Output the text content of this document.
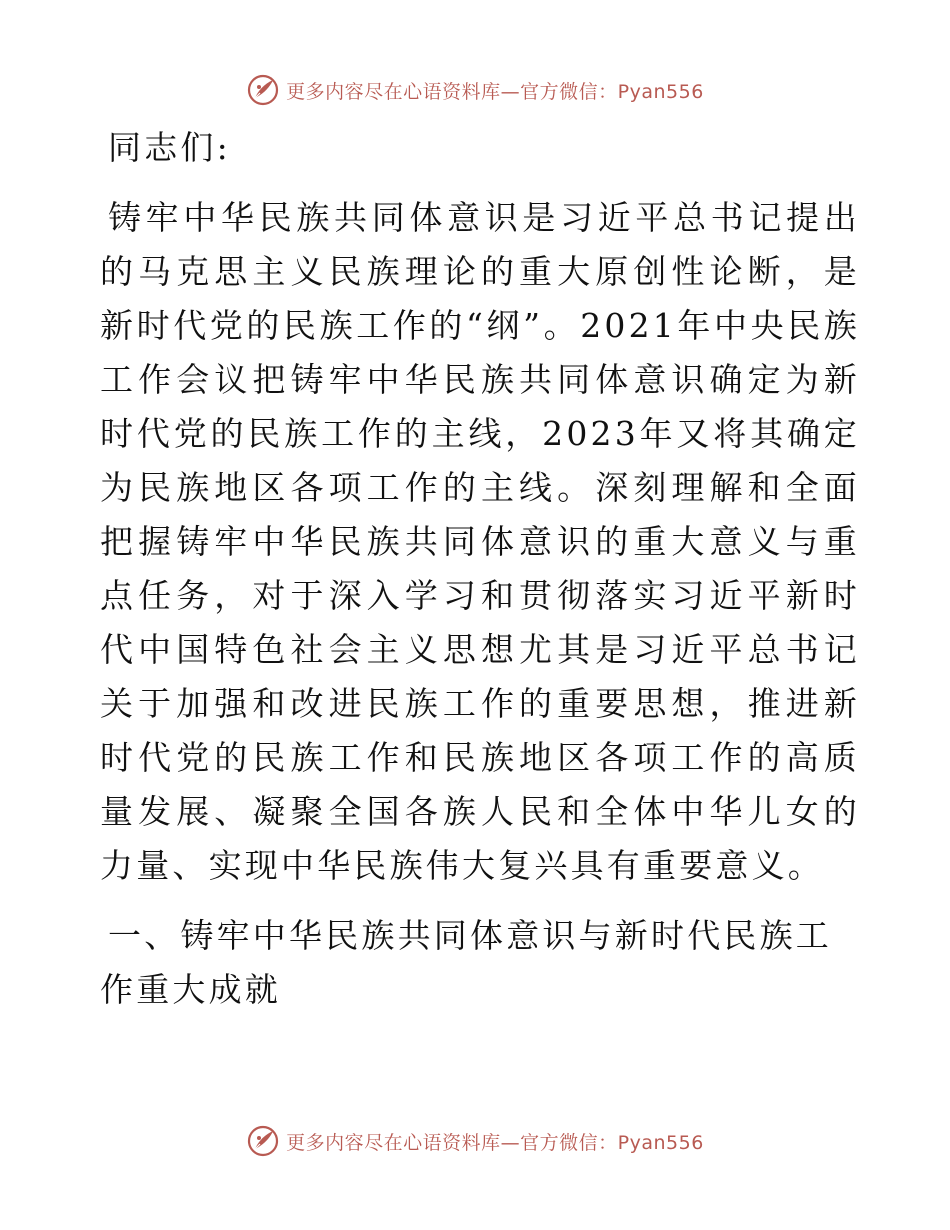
更多内容尽在心语资料库—官方微信：Pyan556

同志们:

铸牢中华民族共同体意识是习近平总书记提出的马克思主义民族理论的重大原创性论断，是新时代党的民族工作的“纲”。2021年中央民族工作会议把铸牢中华民族共同体意识确定为新时代党的民族工作的主线，2023年又将其确定为民族地区各项工作的主线。深刻理解和全面把握铸牢中华民族共同体意识的重大意义与重点任务，对于深入学习和贯彻落实习近平新时代中国特色社会主义思想尤其是习近平总书记关于加强和改进民族工作的重要思想，推进新时代党的民族工作和民族地区各项工作的高质量发展、凝聚全国各族人民和全体中华儿女的力量、实现中华民族伟大复兴具有重要意义。

一、铸牢中华民族共同体意识与新时代民族工作重大成就

更多内容尽在心语资料库—官方微信：Pyan556
